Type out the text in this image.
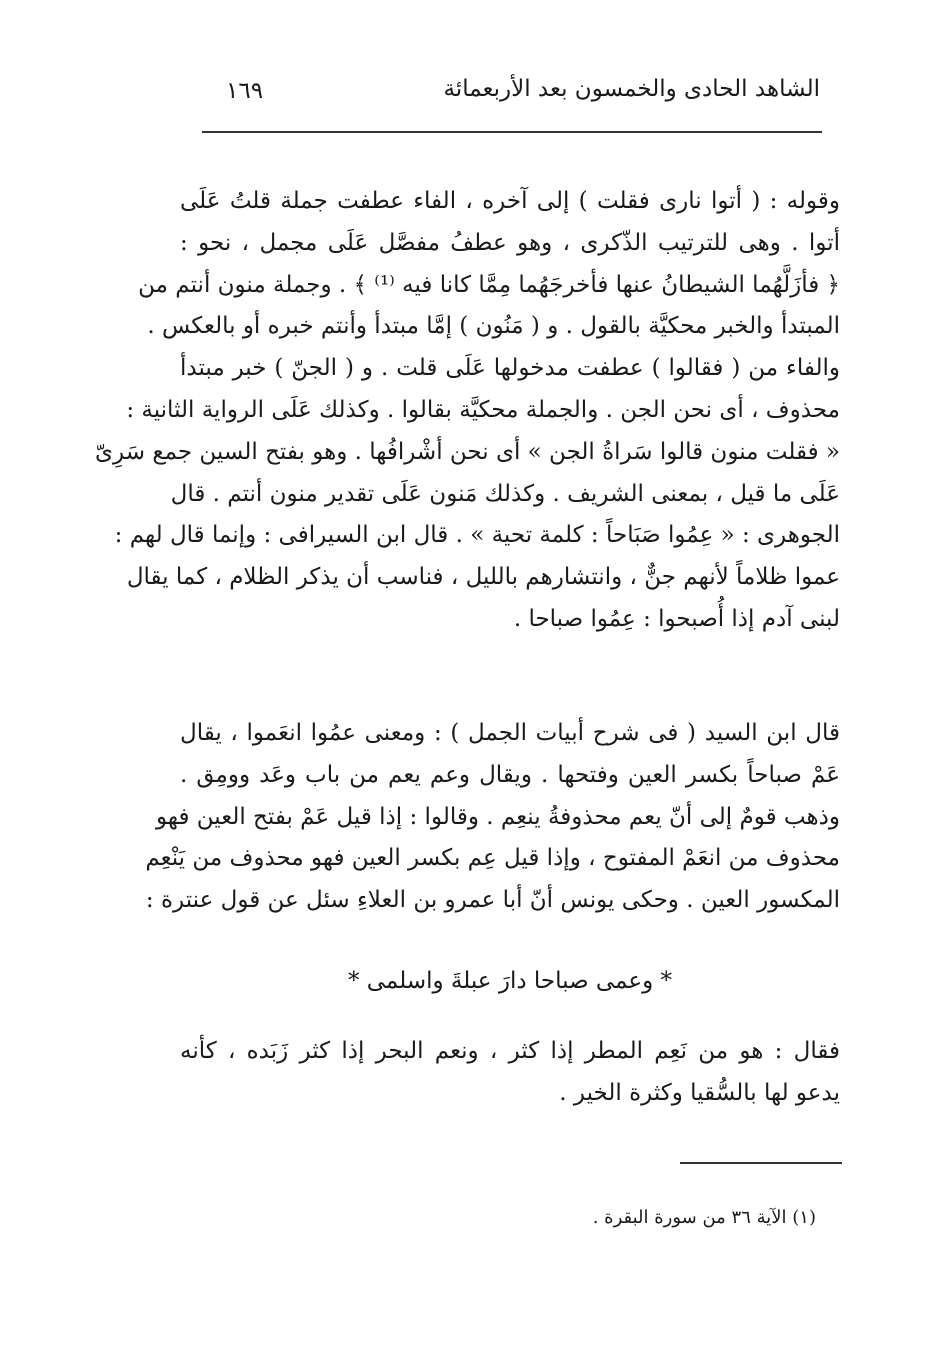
الشاهد الحادى والخمسون بعد الأربعمائة
١٦٩
وقوله : ( أتوا نارى فقلت ) إلى آخره ، الفاء عطفت جملة قلتُ عَلَى
أتوا . وهى للترتيب الذّكرى ، وهو عطفُ مفصَّل عَلَى مجمل ، نحو :
﴿ فأزَلَّهُما الشيطانُ عنها فأخرجَهُما مِمَّا كانا فيه ⁽¹⁾ ﴾ . وجملة منون أنتم من
المبتدأ والخبر محكيَّة بالقول . و ( مَنُون ) إمَّا مبتدأ وأنتم خبره أو بالعكس .
والفاء من ( فقالوا ) عطفت مدخولها عَلَى قلت . و ( الجنّ ) خبر مبتدأ
محذوف ، أى نحن الجن . والجملة محكيَّة بقالوا . وكذلك عَلَى الرواية الثانية :
« فقلت منون قالوا سَراةُ الجن » أى نحن أشْرافُها . وهو بفتح السين جمع سَرِىّ
عَلَى ما قيل ، بمعنى الشريف . وكذلك مَنون عَلَى تقدير منون أنتم . قال
الجوهرى : « عِمُوا صَبَاحاً : كلمة تحية » . قال ابن السيرافى : وإنما قال لهم :
عموا ظلاماً لأنهم جنٌّ ، وانتشارهم بالليل ، فناسب أن يذكر الظلام ، كما يقال
لبنى آدم إذا أُصبحوا : عِمُوا صباحا .
قال ابن السيد ( فى شرح أبيات الجمل ) : ومعنى عمُوا انعَموا ، يقال
عَمْ صباحاً بكسر العين وفتحها . ويقال وعم يعم من باب وعَد وومِق .
وذهب قومٌ إلى أنّ يعم محذوفةُ ينعِم . وقالوا : إذا قيل عَمْ بفتح العين فهو
محذوف من انعَمْ المفتوح ، وإذا قيل عِم بكسر العين فهو محذوف من يَنْعِم
المكسور العين . وحكى يونس أنّ أبا عمرو بن العلاءِ سئل عن قول عنترة :
* وعمى صباحا دارَ عبلةَ واسلمى *
فقال : هو من نَعِم المطر إذا كثر ، ونعم البحر إذا كثر زَبَده ، كأنه
يدعو لها بالسُّقيا وكثرة الخير .
(١) الآية ٣٦ من سورة البقرة .
